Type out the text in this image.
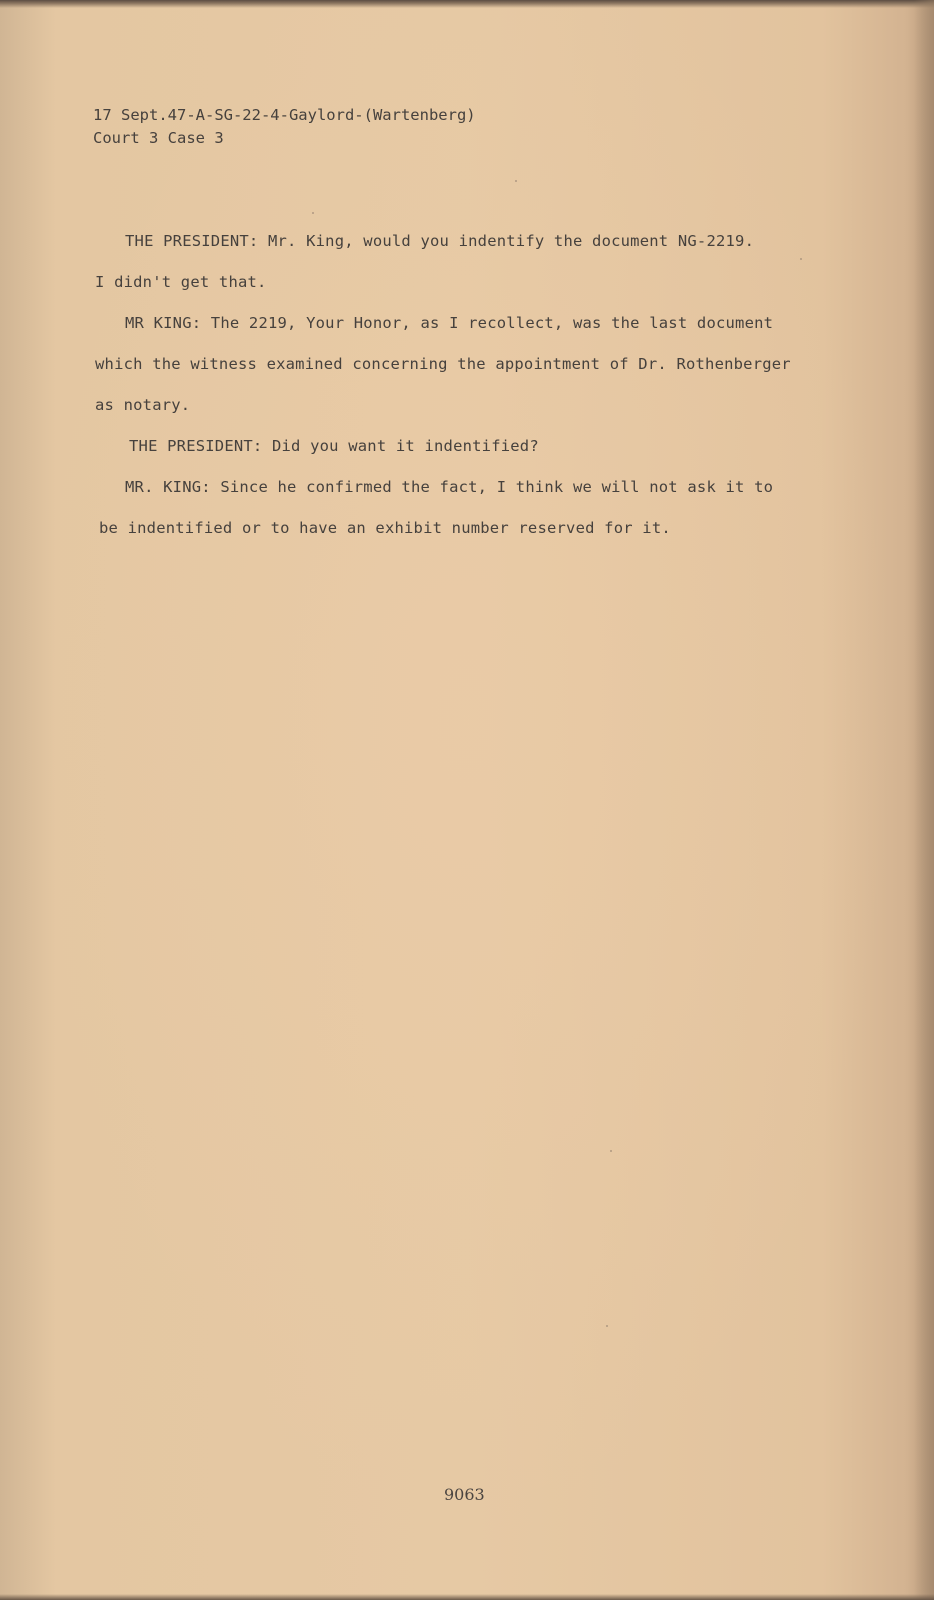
17 Sept.47-A-SG-22-4-Gaylord-(Wartenberg)
Court 3 Case 3
THE PRESIDENT: Mr. King, would you indentify the document NG-2219.
I didn't get that.
MR KING: The 2219, Your Honor, as I recollect, was the last document
which the witness examined concerning the appointment of Dr. Rothenberger
as notary.
THE PRESIDENT: Did you want it indentified?
MR. KING: Since he confirmed the fact, I think we will not ask it to
be indentified or to have an exhibit number reserved for it.
9063
